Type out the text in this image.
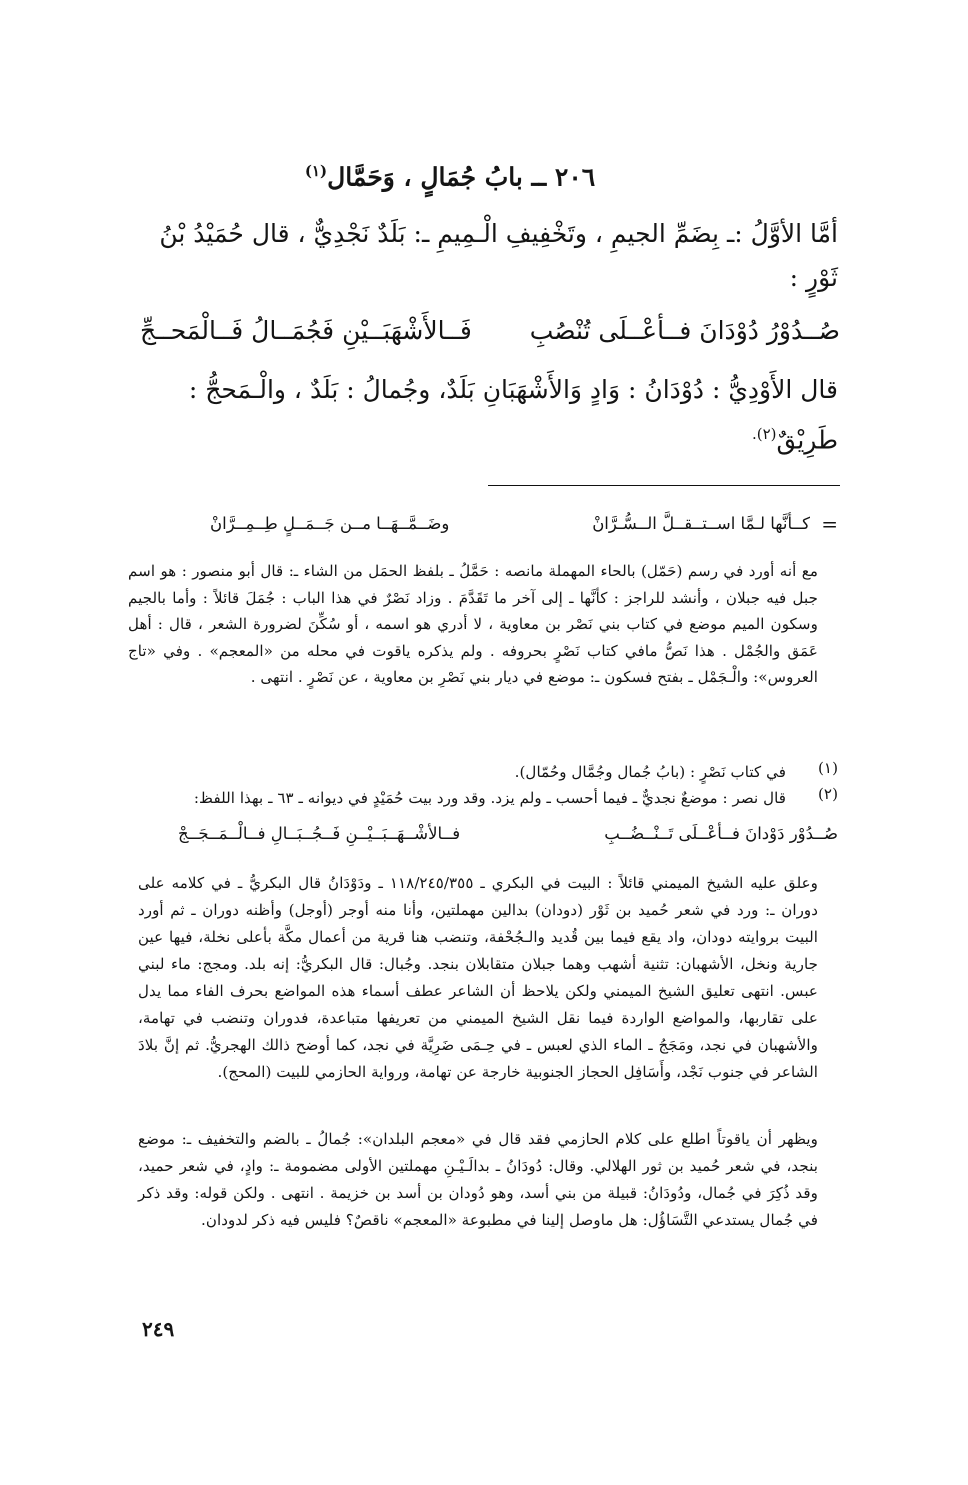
٢٠٦ ــ بابُ جُمَالٍ ، وَحَمَّال$^{(١)}$
أمَّا الأوَّلُ :ـ بِضَمِّ الجيمِ ، وتَخْفِيفِ الْـمِيمِ ـ: بَلَدٌ نَجْدِيٌّ ، قال حُمَيْدُ بْنُ ثَوْرٍ :
صُــدُوْرُ دُوْدَانَ فــأعْــلَى تُنْصُبِ
فَــالأَشْهَبَــيْنِ فَجُمَــالُ فَــالْمَحــجِّ
قال الأَوْدِيُّ : دُوْدَانُ : وَادٍ وَالأَشْهَبَانِ بَلَدٌ، وجُمالُ : بَلَدٌ ، والْـمَحجُّ : طَرِيْقٌ$^{(٢).}$
=
كــأنَّها لـمَّا اســتــقــلَّ الــسُّـرَّانْ
وضَــمَّــهَــا مــن جَــمَــلٍ طِــمِــرَّانْ
مع أنه أورد في رسم (حَمّل) بالحاء المهملة مانصه : حَمَّلُ ـ بلفظ الحمَل من الشاء ـ: قال أبو منصور : هو اسم جبل فيه جبلان ، وأنشد للراجز : كأنَّها ـ إلى آخر ما تَقَدَّمَ . وزاد نَصْرٌ في هذا الباب : جُمَلَ قائلاً : وأما بالجيم وسكون الميم موضع في كتاب بني نَصْر بن معاوية ، لا أدري هو اسمه ، أو سُكِّنَ لضرورة الشعر ، قال : أهل عَمَق والجُمْل . هذا نَصُّ مافي كتاب نَصْرٍ بحروفه . ولم يذكره ياقوت في محله من «المعجم» . وفي «تاج العروس»: والْـجَمْل ـ بفتح فسكون ـ: موضع في ديار بني نَصْرِ بن معاوية ، عن نَصْرٍ . انتهى .
(١)
في كتاب نَصْرٍ : (بابُ جُمال وجُمَّال وحُمّال).
(٢)
قال نصر : موضعٌ نجديٌّ ـ فيما أحسب ـ ولم يزد. وقد ورد بيت حُمَيْدٍ في ديوانه ـ ٦٣ ـ بهذا اللفظ:
صُــدُوْر دَوْدانَ فــأعْــلَى تَــنْــضُــبِ
فــالأشْــهَــبَــيْــنِ فَــجُــبَــالِ فــالْــمَــجَــجْ
وعلق عليه الشيخ الميمني قائلاً : البيت في البكري ـ ١١٨/٢٤٥/٣٥٥ ـ ودَوْدَانُ قال البكريُّ ـ في كلامه على دوران ـ: ورد في شعر حُميد بن ثَوْر (دودان) بدالين مهملتين، وأنا منه أوجر (أوجل) وأظنه دوران ـ ثم أورد البيت بروايته دودان، واد يقع فيما بين قُديد والـجُحْفة، وتنضب هنا قرية من أعمال مكَّة بأعلى نخلة، فيها عين جارية ونخل، الأشهبان: تثنية أشهب وهما جبلان متقابلان بنجد. وجُبال: قال البكريُّ: إنه بلد. ومجج: ماء لبني عبس. انتهى تعليق الشيخ الميمني ولكن يلاحظ أن الشاعر عطف أسماء هذه المواضع بحرف الفاء مما يدل على تقاربها، والمواضع الواردة فيما نقل الشيخ الميمني من تعريفها متباعدة، فدوران وتنضب في تهامة، والأشهبان في نجد، ومَجَجُ ـ الماء الذي لعبس ـ في حِـمَى ضَرِيَّة في نجد، كما أوضح ذالك الهجريُّ. ثم إنَّ بلادَ الشاعر في جنوب نَجْد، وأَسَافِل الحجاز الجنوبية خارجة عن تهامة، ورواية الحازمي للبيت (المحج).
ويظهر أن ياقوتاً اطلع على كلام الحازمي فقد قال في «معجم البلدان»: جُمالُ ـ بالضم والتخفيف ـ: موضع بنجد، في شعر حُميد بن ثور الهلالي. وقال: دُودَانُ ـ بدالَـيْـنِ مهملتين الأولى مضمومة ـ: وادٍ، في شعر حميد، وقد ذُكِرَ في جُمال، ودُودَانُ: قبيلة من بني أسد، وهو دُودان بن أسد بن خزيمة . انتهى . ولكن قوله: وقد ذكر في جُمال يستدعي التَّسَاؤُل: هل ماوصل إلينا في مطبوعة «المعجم» ناقصٌ؟ فليس فيه ذكر لدودان.
٢٤٩
